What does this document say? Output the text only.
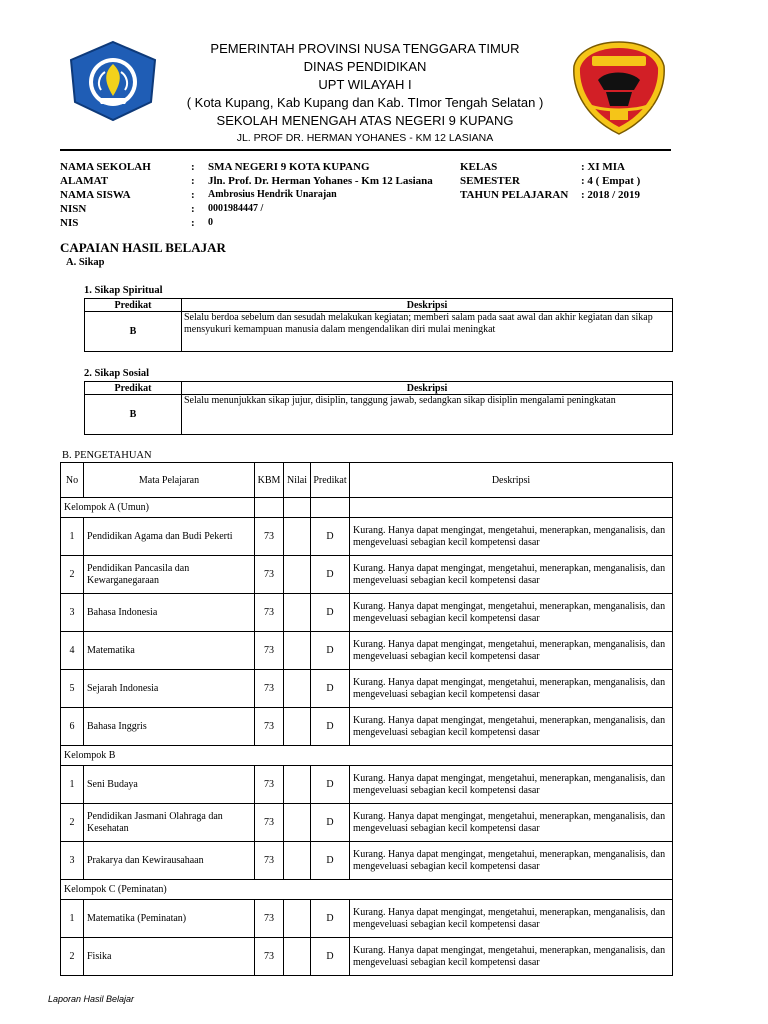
PEMERINTAH PROVINSI NUSA TENGGARA TIMUR
DINAS PENDIDIKAN
UPT WILAYAH I
( Kota Kupang, Kab Kupang dan Kab. TImor Tengah Selatan )
SEKOLAH MENENGAH ATAS NEGERI 9 KUPANG
JL. PROF DR. HERMAN YOHANES - KM 12 LASIANA
NAMA SEKOLAH	: SMA NEGERI 9 KOTA KUPANG
ALAMAT	: Jln. Prof. Dr. Herman Yohanes - Km 12 Lasiana
NAMA SISWA	: Ambrosius Hendrik Unarajan
NISN	: 0001984447 /
NIS	: 0
KELAS	: XI MIA
SEMESTER	: 4 ( Empat )
TAHUN PELAJARAN : 2018 / 2019
CAPAIAN HASIL BELAJAR
A. Sikap
1. Sikap Spiritual
Predikat	Deskripsi
B	Selalu berdoa sebelum dan sesudah melakukan kegiatan; memberi salam pada saat awal dan akhir kegiatan dan sikap mensyukuri kemampuan manusia dalam mengendalikan diri mulai meningkat
2. Sikap Sosial
Predikat	Deskripsi
B	Selalu menunjukkan sikap jujur, disiplin, tanggung jawab, sedangkan sikap disiplin mengalami peningkatan
B. PENGETAHUAN
No	Mata Pelajaran	KBM	Nilai	Predikat	Deskripsi
Kelompok A (Umun)					
1	Pendidikan Agama dan Budi Pekerti	73		D	Kurang. Hanya dapat mengingat, mengetahui, menerapkan, menganalisis, dan mengeveluasi sebagian kecil kompetensi dasar
2	Pendidikan Pancasila dan Kewarganegaraan	73		D	Kurang. Hanya dapat mengingat, mengetahui, menerapkan, menganalisis, dan mengeveluasi sebagian kecil kompetensi dasar
3	Bahasa Indonesia	73		D	Kurang. Hanya dapat mengingat, mengetahui, menerapkan, menganalisis, dan mengeveluasi sebagian kecil kompetensi dasar
4	Matematika	73		D	Kurang. Hanya dapat mengingat, mengetahui, menerapkan, menganalisis, dan mengeveluasi sebagian kecil kompetensi dasar
5	Sejarah Indonesia	73		D	Kurang. Hanya dapat mengingat, mengetahui, menerapkan, menganalisis, dan mengeveluasi sebagian kecil kompetensi dasar
6	Bahasa Inggris	73		D	Kurang. Hanya dapat mengingat, mengetahui, menerapkan, menganalisis, dan mengeveluasi sebagian kecil kompetensi dasar
Kelompok B					
1	Seni Budaya	73		D	Kurang. Hanya dapat mengingat, mengetahui, menerapkan, menganalisis, dan mengeveluasi sebagian kecil kompetensi dasar
2	Pendidikan Jasmani Olahraga dan Kesehatan	73		D	Kurang. Hanya dapat mengingat, mengetahui, menerapkan, menganalisis, dan mengeveluasi sebagian kecil kompetensi dasar
3	Prakarya dan Kewirausahaan	73		D	Kurang. Hanya dapat mengingat, mengetahui, menerapkan, menganalisis, dan mengeveluasi sebagian kecil kompetensi dasar
Kelompok C (Peminatan)					
1	Matematika (Peminatan)	73		D	Kurang. Hanya dapat mengingat, mengetahui, menerapkan, menganalisis, dan mengeveluasi sebagian kecil kompetensi dasar
2	Fisika	73		D	Kurang. Hanya dapat mengingat, mengetahui, menerapkan, menganalisis, dan mengeveluasi sebagian kecil kompetensi dasar
Laporan Hasil Belajar
